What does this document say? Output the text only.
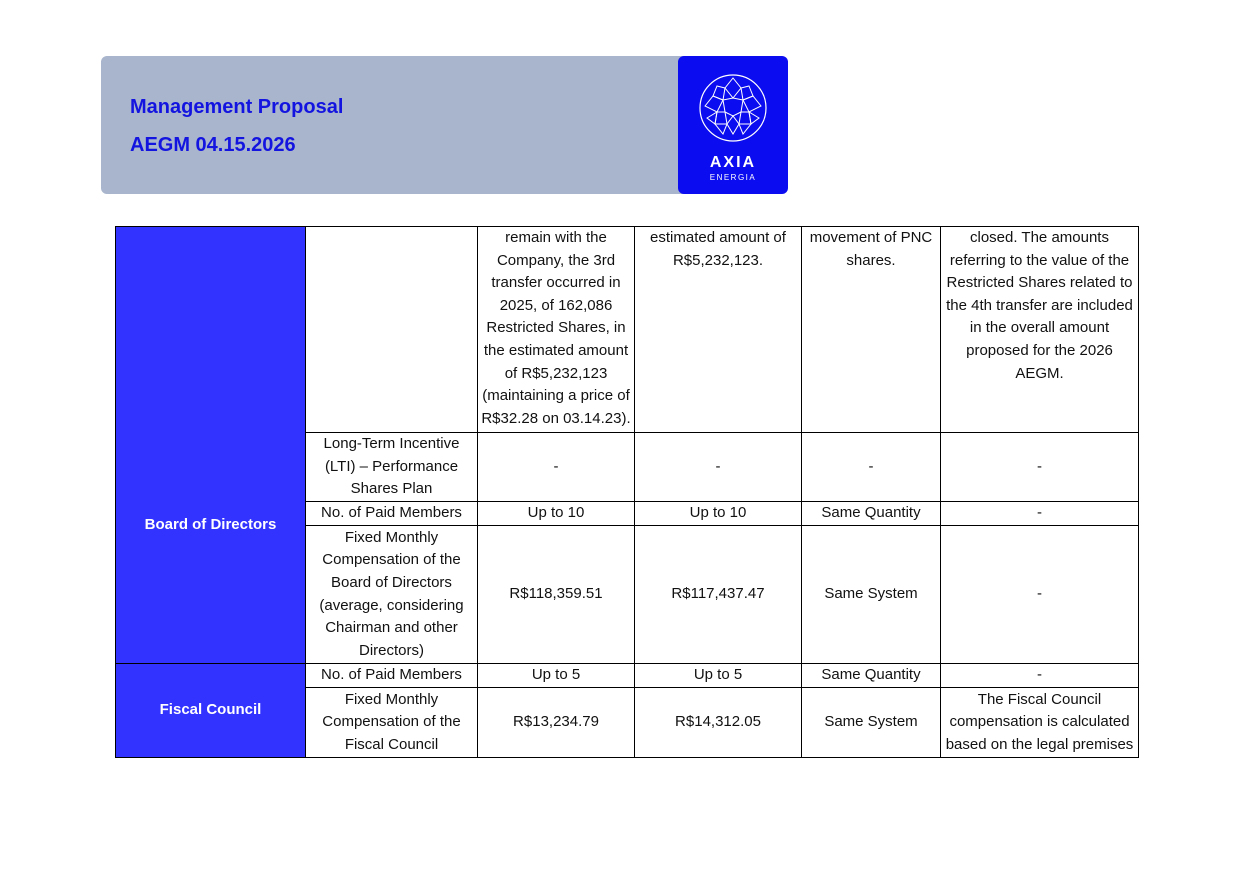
Management Proposal
AEGM 04.15.2026
AXIA
ENERGIA
Board of Directors		remain with the Company, the 3rd transfer occurred in 2025, of 162,086 Restricted Shares, in the estimated amount of R$5,232,123 (maintaining a price of R$32.28 on 03.14.23).	estimated amount of R$5,232,123.	movement of PNC shares.	closed. The amounts referring to the value of the Restricted Shares related to the 4th transfer are included in the overall amount proposed for the 2026 AEGM.
	Long-Term Incentive (LTI) – Performance Shares Plan	-	-	-	-
	No. of Paid Members	Up to 10	Up to 10	Same Quantity	-
	Fixed Monthly Compensation of the Board of Directors (average, considering Chairman and other Directors)	R$118,359.51	R$117,437.47	Same System	-
Fiscal Council	No. of Paid Members	Up to 5	Up to 5	Same Quantity	-
	Fixed Monthly Compensation of the Fiscal Council	R$13,234.79	R$14,312.05	Same System	The Fiscal Council compensation is calculated based on the legal premises
